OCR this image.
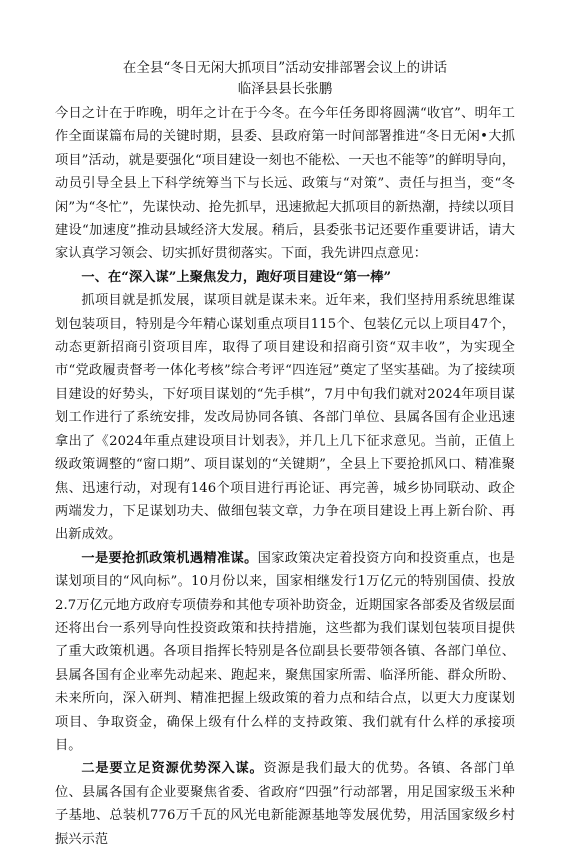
在全县“冬日无闲大抓项目”活动安排部署会议上的讲话
临泽县县长张鹏

今日之计在于昨晚，明年之计在于今冬。在今年任务即将圆满“收官”、明年工作全面谋篇布局的关键时期，县委、县政府第一时间部署推进“冬日无闲•大抓项目”活动，就是要强化“项目建设一刻也不能松、一天也不能等”的鲜明导向，动员引导全县上下科学统筹当下与长远、政策与“对策”、责任与担当，变“冬闲”为“冬忙”，先谋快动、抢先抓早，迅速掀起大抓项目的新热潮，持续以项目建设“加速度”推动县域经济大发展。稍后，县委张书记还要作重要讲话，请大家认真学习领会、切实抓好贯彻落实。下面，我先讲四点意见：

一、在“深入谋”上聚焦发力，跑好项目建设“第一棒”

抓项目就是抓发展，谋项目就是谋未来。近年来，我们坚持用系统思维谋划包装项目，特别是今年精心谋划重点项目115个、包装亿元以上项目47个，动态更新招商引资项目库，取得了项目建设和招商引资“双丰收”，为实现全市“党政履责督考一体化考核”综合考评“四连冠”奠定了坚实基础。为了接续项目建设的好势头，下好项目谋划的“先手棋”，7月中旬我们就对2024年项目谋划工作进行了系统安排，发改局协同各镇、各部门单位、县属各国有企业迅速拿出了《2024年重点建设项目计划表》，并几上几下征求意见。当前，正值上级政策调整的“窗口期”、项目谋划的“关键期”，全县上下要抢抓风口、精准聚焦、迅速行动，对现有146个项目进行再论证、再完善，城乡协同联动、政企两端发力，下足谋划功夫、做细包装文章，力争在项目建设上再上新台阶、再出新成效。

一是要抢抓政策机遇精准谋。国家政策决定着投资方向和投资重点，也是谋划项目的“风向标”。10月份以来，国家相继发行1万亿元的特别国债、投放2.7万亿元地方政府专项债券和其他专项补助资金，近期国家各部委及省级层面还将出台一系列导向性投资政策和扶持措施，这些都为我们谋划包装项目提供了重大政策机遇。各项目指挥长特别是各位副县长要带领各镇、各部门单位、县属各国有企业率先动起来、跑起来，聚焦国家所需、临泽所能、群众所盼、未来所向，深入研判、精准把握上级政策的着力点和结合点，以更大力度谋划项目、争取资金，确保上级有什么样的支持政策、我们就有什么样的承接项目。

二是要立足资源优势深入谋。资源是我们最大的优势。各镇、各部门单位、县属各国有企业要聚焦省委、省政府“四强”行动部署，用足国家级玉米种子基地、总装机776万千瓦的风光电新能源基地等发展优势，用活国家级乡村振兴示范
